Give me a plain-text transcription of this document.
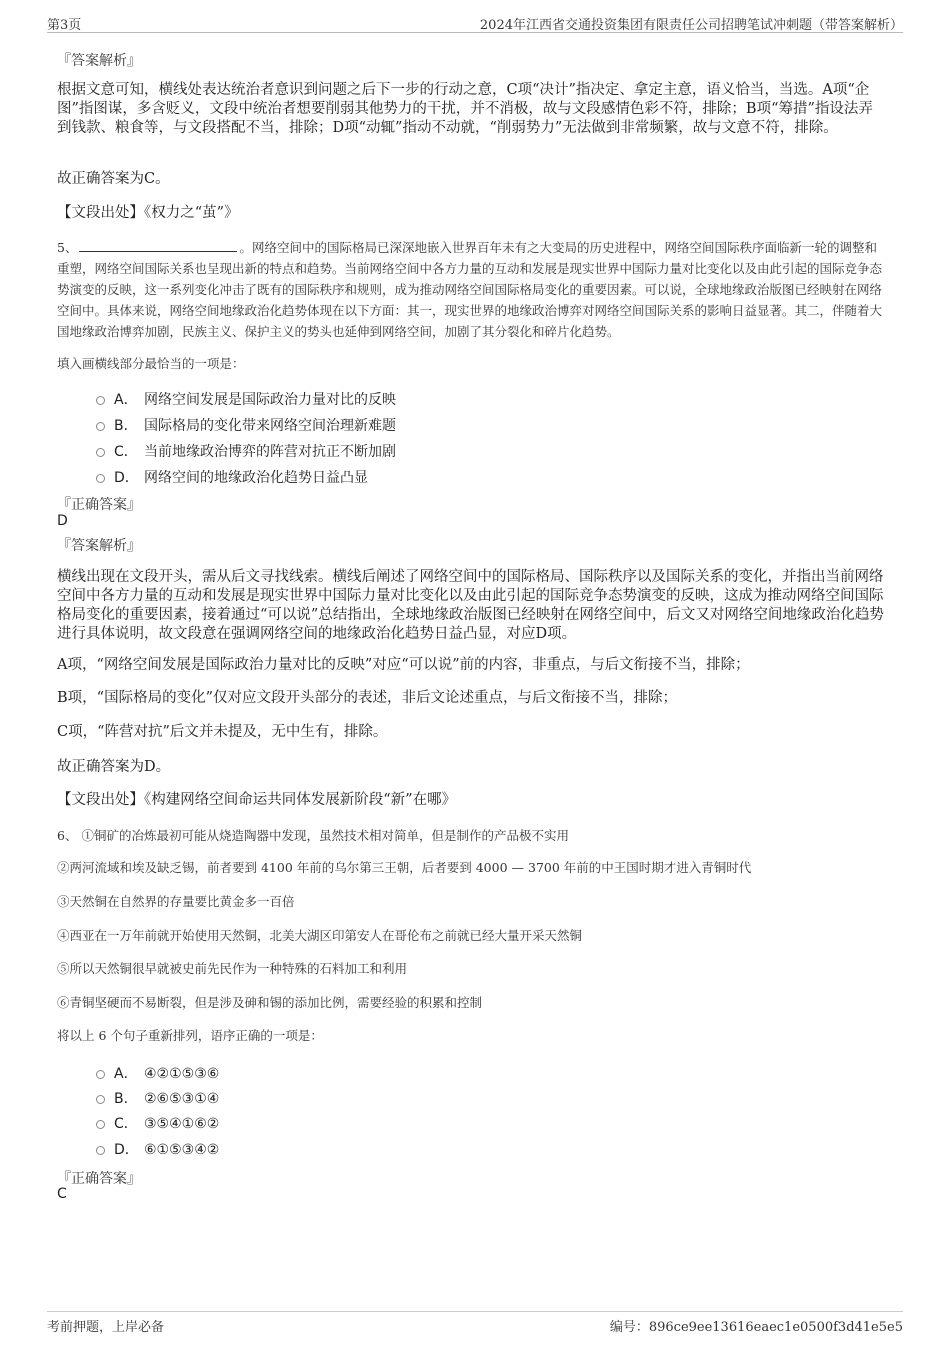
第3页	2024年江西省交通投资集团有限责任公司招聘笔试冲刺题（带答案解析）
『答案解析』
根据文意可知，横线处表达统治者意识到问题之后下一步的行动之意，C项“决计”指决定、拿定主意，语义恰当，当选。A项“企图”指图谋，多含贬义，文段中统治者想要削弱其他势力的干扰，并不消极，故与文段感情色彩不符，排除；B项“筹措”指设法弄到钱款、粮食等，与文段搭配不当，排除；D项“动辄”指动不动就，“削弱势力”无法做到非常频繁，故与文意不符，排除。
故正确答案为C。
【文段出处】《权力之“茧”》
5、	。网络空间中的国际格局已深深地嵌入世界百年未有之大变局的历史进程中，网络空间国际秩序面临新一轮的调整和重塑，网络空间国际关系也呈现出新的特点和趋势。当前网络空间中各方力量的互动和发展是现实世界中国际力量对比变化以及由此引起的国际竞争态势演变的反映，这一系列变化冲击了既有的国际秩序和规则，成为推动网络空间国际格局变化的重要因素。可以说，全球地缘政治版图已经映射在网络空间中。具体来说，网络空间地缘政治化趋势体现在以下方面：其一，现实世界的地缘政治博弈对网络空间国际关系的影响日益显著。其二，伴随着大国地缘政治博弈加剧，民族主义、保护主义的势头也延伸到网络空间，加剧了其分裂化和碎片化趋势。
填入画横线部分最恰当的一项是：
A． 网络空间发展是国际政治力量对比的反映
B． 国际格局的变化带来网络空间治理新难题
C． 当前地缘政治博弈的阵营对抗正不断加剧
D． 网络空间的地缘政治化趋势日益凸显
『正确答案』
D
『答案解析』
横线出现在文段开头，需从后文寻找线索。横线后阐述了网络空间中的国际格局、国际秩序以及国际关系的变化，并指出当前网络空间中各方力量的互动和发展是现实世界中国际力量对比变化以及由此引起的国际竞争态势演变的反映，这成为推动网络空间国际格局变化的重要因素，接着通过“可以说”总结指出，全球地缘政治版图已经映射在网络空间中，后文又对网络空间地缘政治化趋势进行具体说明，故文段意在强调网络空间的地缘政治化趋势日益凸显，对应D项。
A项，“网络空间发展是国际政治力量对比的反映”对应“可以说”前的内容，非重点，与后文衔接不当，排除；
B项，“国际格局的变化”仅对应文段开头部分的表述，非后文论述重点，与后文衔接不当，排除；
C项，“阵营对抗”后文并未提及，无中生有，排除。
故正确答案为D。
【文段出处】《构建网络空间命运共同体发展新阶段“新”在哪》
6、 ①铜矿的冶炼最初可能从烧造陶器中发现，虽然技术相对简单，但是制作的产品极不实用
②两河流域和埃及缺乏锡，前者要到 4100 年前的乌尔第三王朝，后者要到 4000 — 3700 年前的中王国时期才进入青铜时代
③天然铜在自然界的存量要比黄金多一百倍
④西亚在一万年前就开始使用天然铜，北美大湖区印第安人在哥伦布之前就已经大量开采天然铜
⑤所以天然铜很早就被史前先民作为一种特殊的石料加工和利用
⑥青铜坚硬而不易断裂，但是涉及砷和锡的添加比例，需要经验的积累和控制
将以上 6 个句子重新排列，语序正确的一项是：
A． ④②①⑤③⑥
B． ②⑥⑤③①④
C． ③⑤④①⑥②
D． ⑥①⑤③④②
『正确答案』
C
考前押题，上岸必备	编号：896ce9ee13616eaec1e0500f3d41e5e5
